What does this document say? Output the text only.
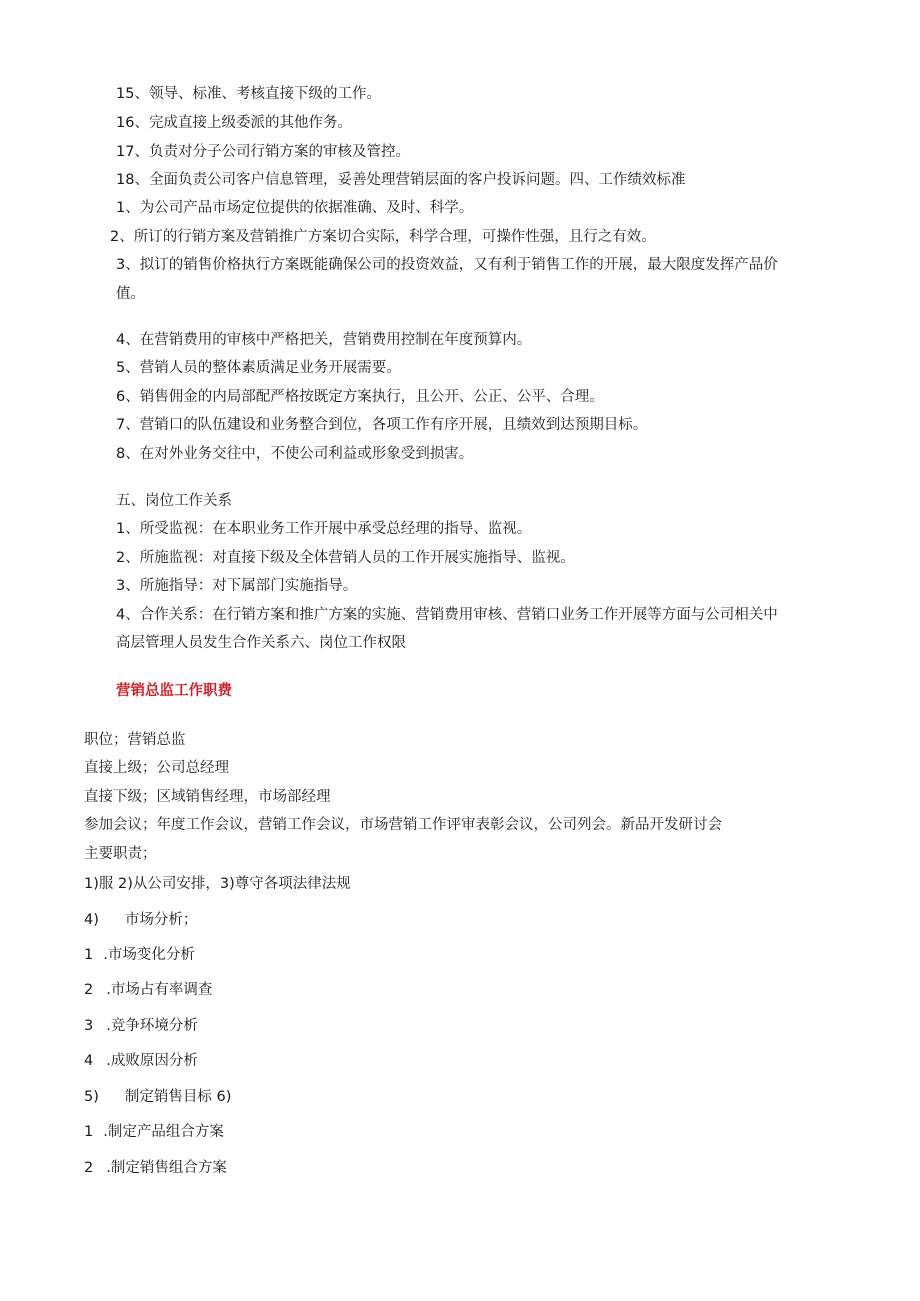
15、领导、标准、考核直接下级的工作。
16、完成直接上级委派的其他作务。
17、负责对分子公司行销方案的审核及管控。
18、全面负责公司客户信息管理，妥善处理营销层面的客户投诉问题。四、工作绩效标准
1、为公司产品市场定位提供的依据准确、及时、科学。
2、所订的行销方案及营销推广方案切合实际，科学合理，可操作性强，且行之有效。
3、拟订的销售价格执行方案既能确保公司的投资效益，又有利于销售工作的开展，最大限度发挥产品价
值。
4、在营销费用的审核中严格把关，营销费用控制在年度预算内。
5、营销人员的整体素质满足业务开展需要。
6、销售佣金的内局部配严格按既定方案执行，且公开、公正、公平、合理。
7、营销口的队伍建设和业务整合到位，各项工作有序开展，且绩效到达预期目标。
8、在对外业务交往中，不使公司利益或形象受到损害。
五、岗位工作关系
1、所受监视：在本职业务工作开展中承受总经理的指导、监视。
2、所施监视：对直接下级及全体营销人员的工作开展实施指导、监视。
3、所施指导：对下属部门实施指导。
4、合作关系：在行销方案和推广方案的实施、营销费用审核、营销口业务工作开展等方面与公司相关中
高层管理人员发生合作关系六、岗位工作权限
营销总监工作职费
职位；营销总监
直接上级；公司总经理
直接下级；区域销售经理，市场部经理
参加会议；年度工作会议，营销工作会议，市场营销工作评审表彰会议，公司列会。新品开发研讨会
主要职责；
1)服 2)从公司安排，3)尊守各项法律法规
4) 市场分析；
1 .市场变化分析
2 .市场占有率调查
3 .竞争环境分析
4 .成败原因分析
5) 制定销售目标 6)
1 .制定产品组合方案
2 .制定销售组合方案
